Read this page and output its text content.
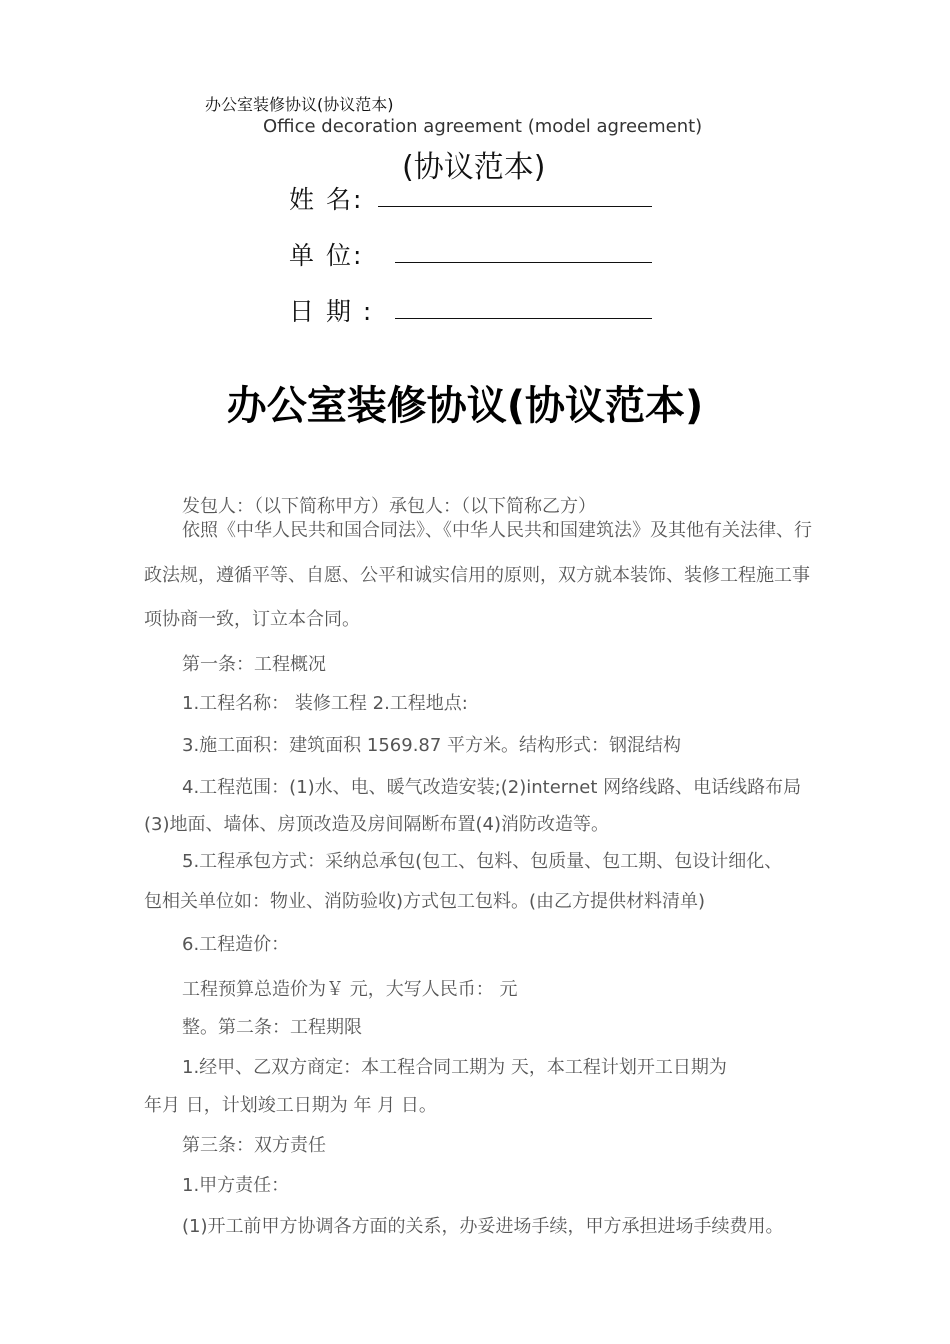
办公室装修协议(协议范本)
Office decoration agreement (model agreement)
(协议范本)
姓 名:
单 位:
日 期 :
办公室装修协议(协议范本)
发包人：（以下简称甲方）承包人：（以下简称乙方）
依照《中华人民共和国合同法》、《中华人民共和国建筑法》及其他有关法律、行
政法规，遵循平等、自愿、公平和诚实信用的原则，双方就本装饰、装修工程施工事
项协商一致，订立本合同。
第一条：工程概况
1.工程名称： 装修工程 2.工程地点:
3.施工面积：建筑面积 1569.87 平方米。结构形式：钢混结构
4.工程范围：(1)水、电、暖气改造安装;(2)internet 网络线路、电话线路布局
(3)地面、墙体、房顶改造及房间隔断布置(4)消防改造等。
5.工程承包方式：采纳总承包(包工、包料、包质量、包工期、包设计细化、
包相关单位如：物业、消防验收)方式包工包料。(由乙方提供材料清单)
6.工程造价：
工程预算总造价为￥ 元，大写人民币： 元
整。第二条：工程期限
1.经甲、乙双方商定：本工程合同工期为 天，本工程计划开工日期为
年月 日，计划竣工日期为 年 月 日。
第三条：双方责任
1.甲方责任：
(1)开工前甲方协调各方面的关系，办妥进场手续，甲方承担进场手续费用。
